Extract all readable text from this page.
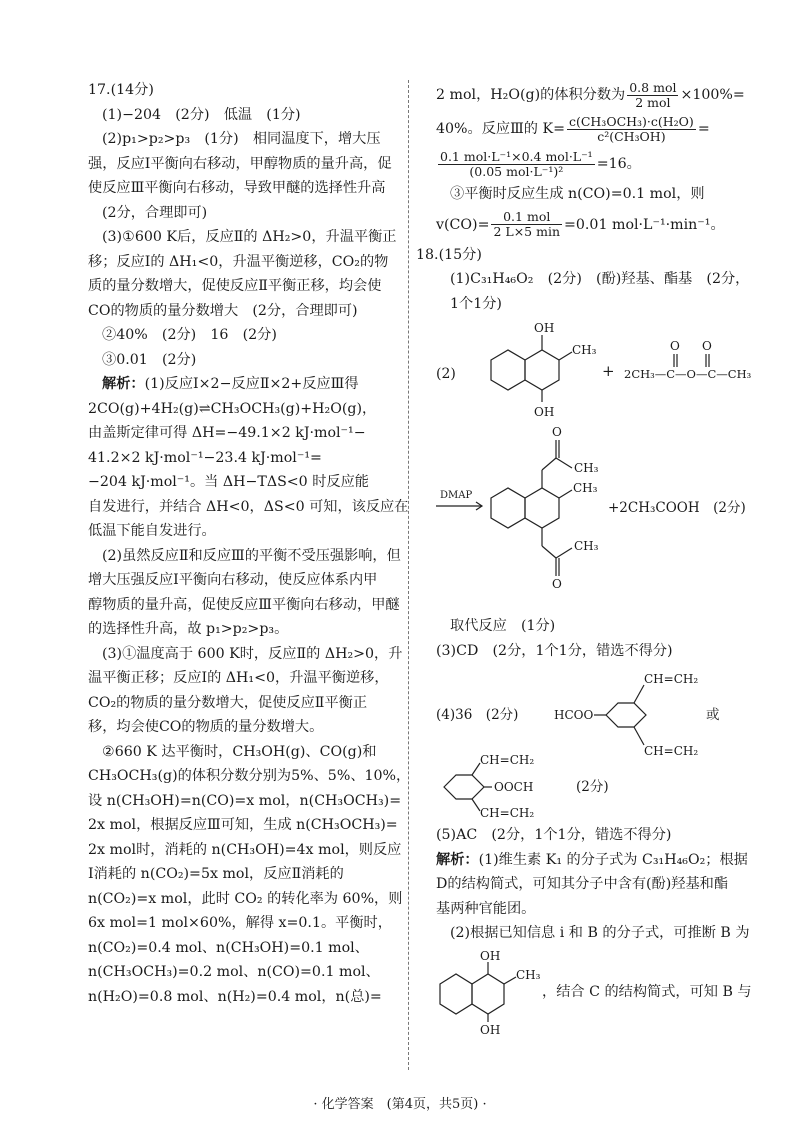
17.(14分)
(1)−204　(2分)　低温　(1分)
(2)p₁>p₂>p₃　(1分)　相同温度下，增大压
强，反应Ⅰ平衡向右移动，甲醇物质的量升高，促
使反应Ⅲ平衡向右移动，导致甲醚的选择性升高
(2分，合理即可)
(3)①600 K后，反应Ⅱ的 ΔH₂>0，升温平衡正
移；反应Ⅰ的 ΔH₁<0，升温平衡逆移，CO₂的物
质的量分数增大，促使反应Ⅱ平衡正移，均会使
CO的物质的量分数增大　(2分，合理即可)
②40%　(2分)　16　(2分)
③0.01　(2分)
解析：(1)反应Ⅰ×2−反应Ⅱ×2+反应Ⅲ得
2CO(g)+4H₂(g)⇌CH₃OCH₃(g)+H₂O(g)，
由盖斯定律可得 ΔH=−49.1×2 kJ·mol⁻¹−
41.2×2 kJ·mol⁻¹−23.4 kJ·mol⁻¹=
−204 kJ·mol⁻¹。当 ΔH−TΔS<0 时反应能
自发进行，并结合 ΔH<0，ΔS<0 可知，该反应在
低温下能自发进行。
(2)虽然反应Ⅱ和反应Ⅲ的平衡不受压强影响，但
增大压强反应Ⅰ平衡向右移动，使反应体系内甲
醇物质的量升高，促使反应Ⅲ平衡向右移动，甲醚
的选择性升高，故 p₁>p₂>p₃。
(3)①温度高于 600 K时，反应Ⅱ的 ΔH₂>0，升
温平衡正移；反应Ⅰ的 ΔH₁<0，升温平衡逆移，
CO₂的物质的量分数增大，促使反应Ⅱ平衡正
移，均会使CO的物质的量分数增大。
②660 K 达平衡时，CH₃OH(g)、CO(g)和
CH₃OCH₃(g)的体积分数分别为5%、5%、10%，
设 n(CH₃OH)=n(CO)=x mol，n(CH₃OCH₃)=
2x mol，根据反应Ⅲ可知，生成 n(CH₃OCH₃)=
2x mol时，消耗的 n(CH₃OH)=4x mol，则反应
Ⅰ消耗的 n(CO₂)=5x mol，反应Ⅱ消耗的
n(CO₂)=x mol，此时 CO₂ 的转化率为 60%，则
6x mol=1 mol×60%，解得 x=0.1。平衡时，
n(CO₂)=0.4 mol、n(CH₃OH)=0.1 mol、
n(CH₃OCH₃)=0.2 mol、n(CO)=0.1 mol、
n(H₂O)=0.8 mol、n(H₂)=0.4 mol，n(总)=
2 mol，H₂O(g)的体积分数为 $\frac{\text{0.8 mol}}{\text{2 mol}} \times 100\%=$
40%。反应Ⅲ的 $K= \frac{\text{c(CH₃OCH₃)·c(H₂O)}}{\text{c²(CH₃OH)}}$ =
$\frac{\text{0.1 mol·L⁻¹×0.4 mol·L⁻¹}}{\text{(0.05 mol·L⁻¹)²}} =16$。
③平衡时反应生成 n(CO)=0.1 mol，则
$v(CO)= \frac{\text{0.1 mol}}{2 L\times 5 \min} =0.01$ mol·L⁻¹·min⁻¹。
18.(15分)
(1)C₃₁H₄₆O₂　(2分)　(酚)羟基、酯基　(2分，
1个1分)
(2)
OH
CH₃
OH
+ 2CH₃—C—O—C—CH₃
O O
DMAP
O
CH₃
CH₃
CH₃
O
+2CH₃COOH　(2分)
取代反应　(1分)
(3)CD　(2分，1个1分，错选不得分)
(4)36　(2分)	HCOO
CH=CH₂
CH=CH₂
或
CH=CH₂
OOCH
CH=CH₂
(2分)
(5)AC　(2分，1个1分，错选不得分)
解析：(1)维生素 K₁ 的分子式为 C₃₁H₄₆O₂；根据
D的结构简式，可知其分子中含有(酚)羟基和酯
基两种官能团。
(2)根据已知信息 i 和 B 的分子式，可推断 B 为
OH
CH₃
OH
，结合 C 的结构简式，可知 B 与
· 化学答案　(第4页，共5页) ·
